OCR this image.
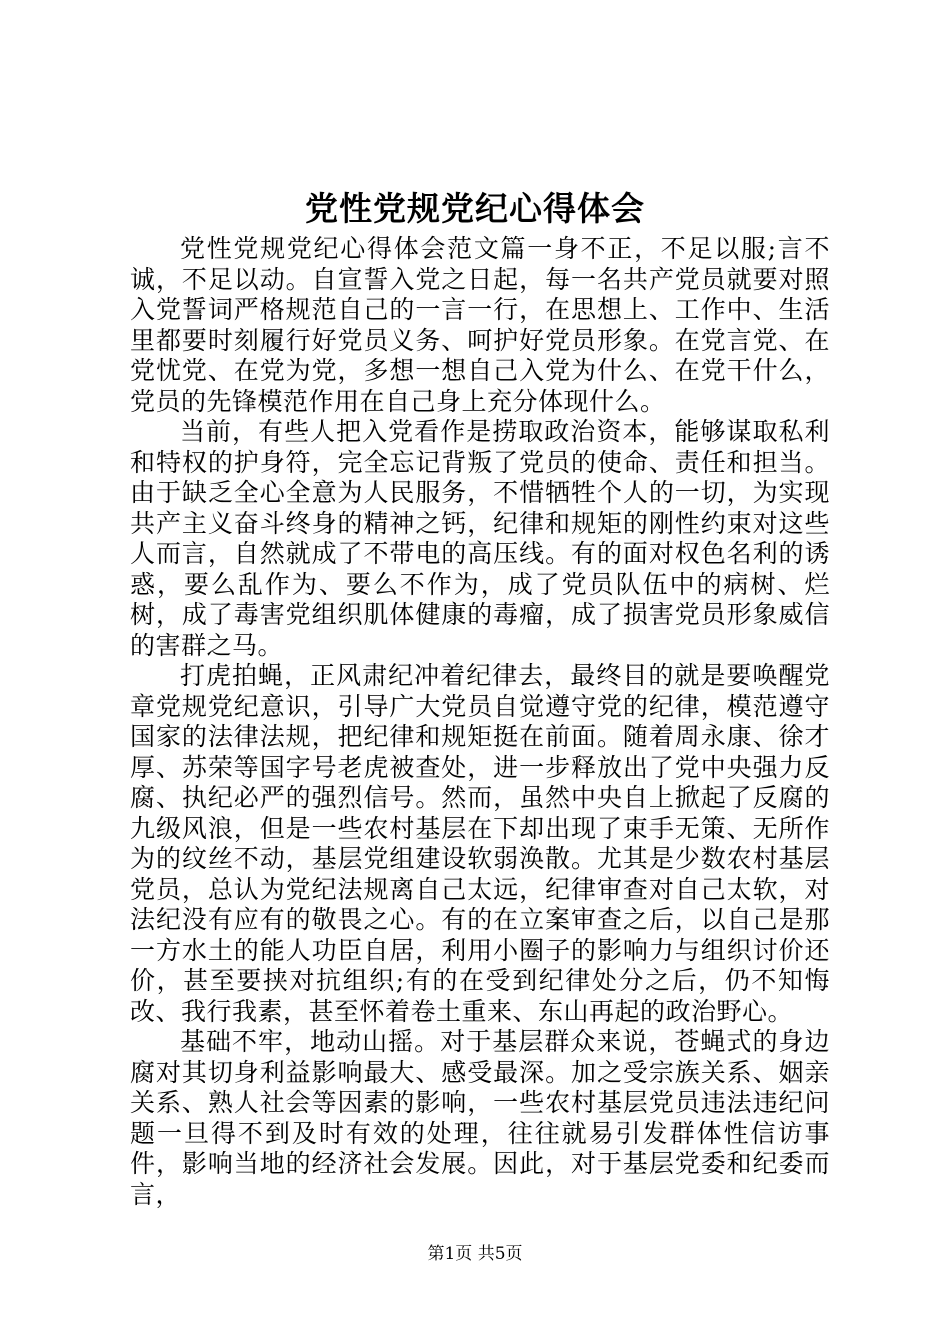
党性党规党纪心得体会

党性党规党纪心得体会范文篇一身不正，不足以服;言不诚，不足以动。自宣誓入党之日起，每一名共产党员就要对照入党誓词严格规范自己的一言一行，在思想上、工作中、生活里都要时刻履行好党员义务、呵护好党员形象。在党言党、在党忧党、在党为党，多想一想自己入党为什么、在党干什么，党员的先锋模范作用在自己身上充分体现什么。

当前，有些人把入党看作是捞取政治资本，能够谋取私利和特权的护身符，完全忘记背叛了党员的使命、责任和担当。由于缺乏全心全意为人民服务，不惜牺牲个人的一切，为实现共产主义奋斗终身的精神之钙，纪律和规矩的刚性约束对这些人而言，自然就成了不带电的高压线。有的面对权色名利的诱惑，要么乱作为、要么不作为，成了党员队伍中的病树、烂树，成了毒害党组织肌体健康的毒瘤，成了损害党员形象威信的害群之马。

打虎拍蝇，正风肃纪冲着纪律去，最终目的就是要唤醒党章党规党纪意识，引导广大党员自觉遵守党的纪律，模范遵守国家的法律法规，把纪律和规矩挺在前面。随着周永康、徐才厚、苏荣等国字号老虎被查处，进一步释放出了党中央强力反腐、执纪必严的强烈信号。然而，虽然中央自上掀起了反腐的九级风浪，但是一些农村基层在下却出现了束手无策、无所作为的纹丝不动，基层党组建设软弱涣散。尤其是少数农村基层党员，总认为党纪法规离自己太远，纪律审查对自己太软，对法纪没有应有的敬畏之心。有的在立案审查之后，以自己是那一方水土的能人功臣自居，利用小圈子的影响力与组织讨价还价，甚至要挟对抗组织;有的在受到纪律处分之后，仍不知悔改、我行我素，甚至怀着卷土重来、东山再起的政治野心。

基础不牢，地动山摇。对于基层群众来说，苍蝇式的身边腐对其切身利益影响最大、感受最深。加之受宗族关系、姻亲关系、熟人社会等因素的影响，一些农村基层党员违法违纪问题一旦得不到及时有效的处理，往往就易引发群体性信访事件，影响当地的经济社会发展。因此，对于基层党委和纪委而言，

第1页 共5页
